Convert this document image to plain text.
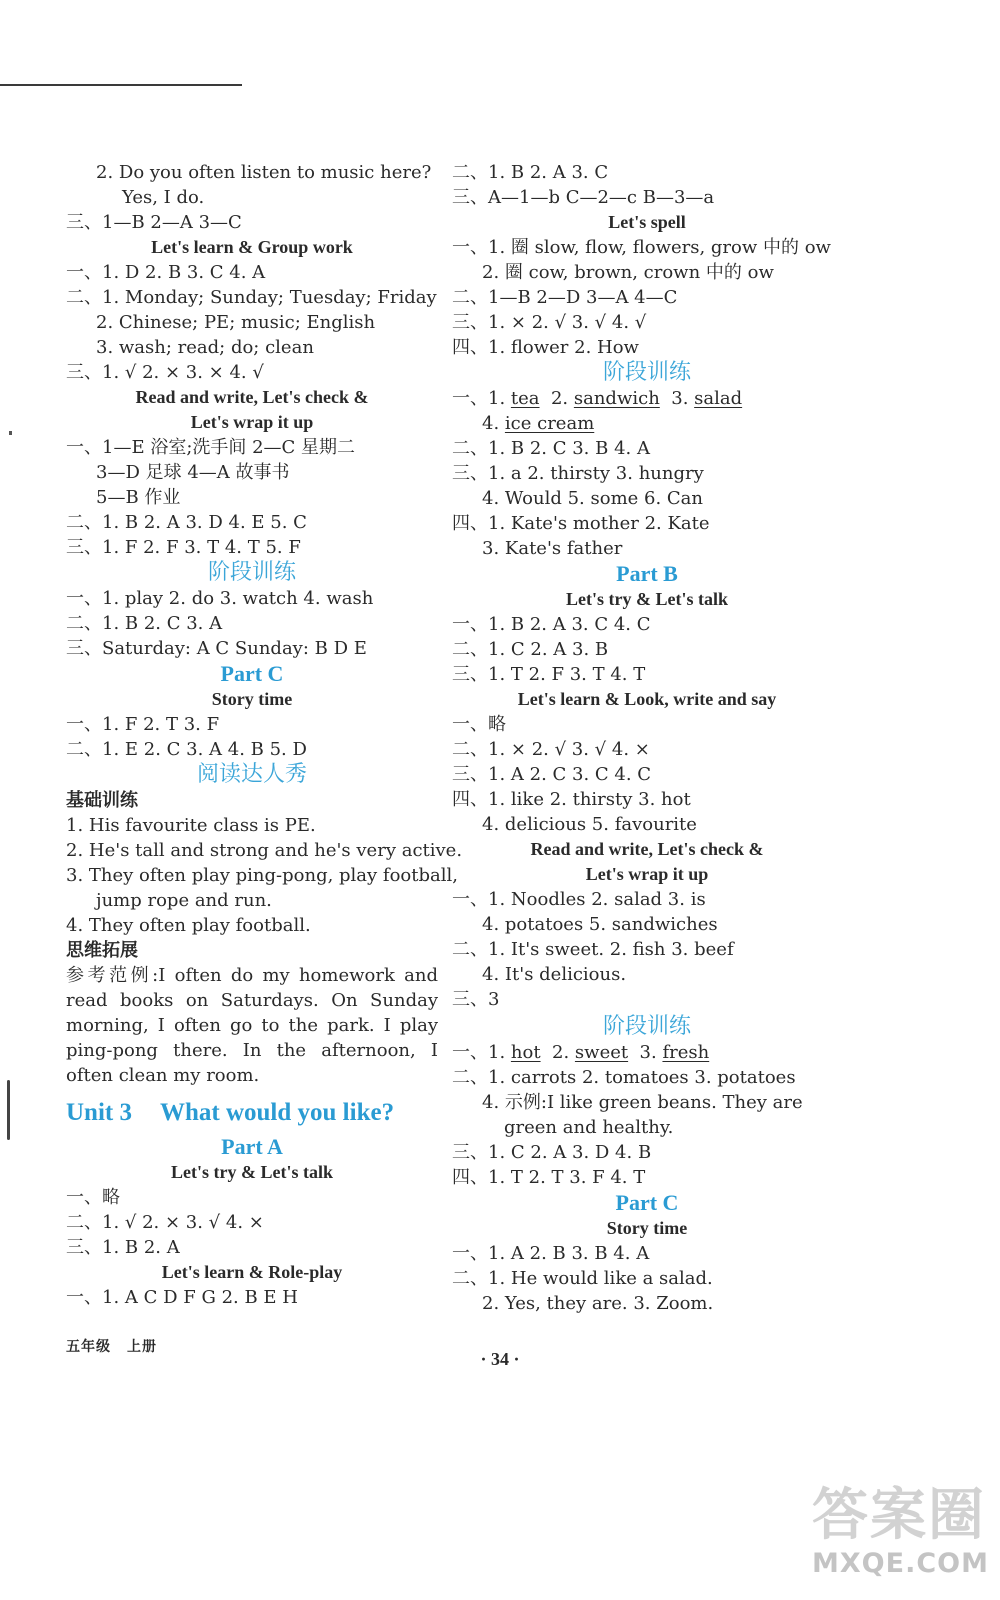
2. Do you often listen to music here?
Yes, I do.
三、1—B 2—A 3—C
Let's learn & Group work
一、1. D 2. B 3. C 4. A
二、1. Monday; Sunday; Tuesday; Friday
2. Chinese; PE; music; English
3. wash; read; do; clean
三、1. √ 2. × 3. × 4. √
Read and write, Let's check &
Let's wrap it up
一、1—E 浴室;洗手间 2—C 星期二
3—D 足球 4—A 故事书
5—B 作业
二、1. B 2. A 3. D 4. E 5. C
三、1. F 2. F 3. T 4. T 5. F
阶段训练
一、1. play 2. do 3. watch 4. wash
二、1. B 2. C 3. A
三、Saturday: A C Sunday: B D E
Part C
Story time
一、1. F 2. T 3. F
二、1. E 2. C 3. A 4. B 5. D
阅读达人秀
基础训练
1. His favourite class is PE.
2. He's tall and strong and he's very active.
3. They often play ping-pong, play football,
jump rope and run.
4. They often play football.
思维拓展
参考范例:I often do my homework and
read books on Saturdays. On Sunday
morning, I often go to the park. I play
ping-pong there. In the afternoon, I
often clean my room.
Unit 3 What would you like?
Part A
Let's try & Let's talk
一、略
二、1. √ 2. × 3. √ 4. ×
三、1. B 2. A
Let's learn & Role-play
一、1. A C D F G 2. B E H
二、1. B 2. A 3. C
三、A—1—b C—2—c B—3—a
Let's spell
一、1. 圈 slow, flow, flowers, grow 中的 ow
2. 圈 cow, brown, crown 中的 ow
二、1—B 2—D 3—A 4—C
三、1. × 2. √ 3. √ 4. √
四、1. flower 2. How
阶段训练
一、1. tea  2. sandwich  3. salad
4. ice cream
二、1. B 2. C 3. B 4. A
三、1. a 2. thirsty 3. hungry
4. Would 5. some 6. Can
四、1. Kate's mother 2. Kate
3. Kate's father
Part B
Let's try & Let's talk
一、1. B 2. A 3. C 4. C
二、1. C 2. A 3. B
三、1. T 2. F 3. T 4. T
Let's learn & Look, write and say
一、略
二、1. × 2. √ 3. √ 4. ×
三、1. A 2. C 3. C 4. C
四、1. like 2. thirsty 3. hot
4. delicious 5. favourite
Read and write, Let's check &
Let's wrap it up
一、1. Noodles 2. salad 3. is
4. potatoes 5. sandwiches
二、1. It's sweet. 2. fish 3. beef
4. It's delicious.
三、3
阶段训练
一、1. hot  2. sweet  3. fresh
二、1. carrots 2. tomatoes 3. potatoes
4. 示例:I like green beans. They are
green and healthy.
三、1. C 2. A 3. D 4. B
四、1. T 2. T 3. F 4. T
Part C
Story time
一、1. A 2. B 3. B 4. A
二、1. He would like a salad.
2. Yes, they are. 3. Zoom.
五年级 上册
· 34 ·
答案圈
MXQE.COM
